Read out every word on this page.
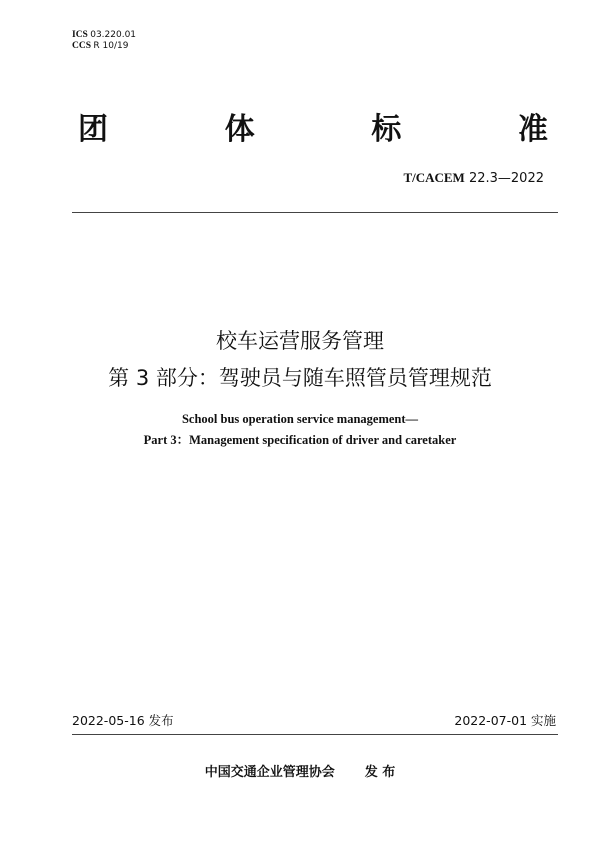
ICS 03.220.01
CCS R 10/19
团	体	标	准
T/CACEM 22.3—2022
校车运营服务管理
第 3 部分：驾驶员与随车照管员管理规范
School bus operation service management—
Part 3：Management specification of driver and caretaker
2022-05-16 发布	2022-07-01 实施
中国交通企业管理协会 发 布
